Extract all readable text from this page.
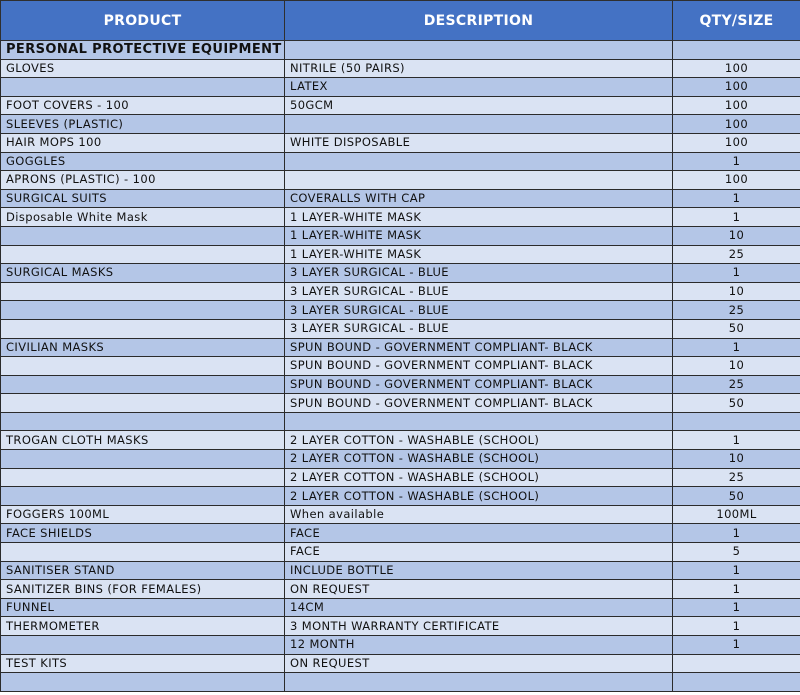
PRODUCT	DESCRIPTION	QTY/SIZE
PERSONAL PROTECTIVE EQUIPMENT		
GLOVES	NITRILE (50 PAIRS)	100
	LATEX	100
FOOT COVERS - 100	50GCM	100
SLEEVES (PLASTIC)		100
HAIR MOPS 100	WHITE DISPOSABLE	100
GOGGLES		1
APRONS (PLASTIC) - 100		100
SURGICAL SUITS	COVERALLS WITH CAP	1
Disposable White Mask	1 LAYER-WHITE MASK	1
	1 LAYER-WHITE MASK	10
	1 LAYER-WHITE MASK	25
SURGICAL MASKS	3 LAYER SURGICAL - BLUE	1
	3 LAYER SURGICAL - BLUE	10
	3 LAYER SURGICAL - BLUE	25
	3 LAYER SURGICAL - BLUE	50
CIVILIAN MASKS	SPUN BOUND - GOVERNMENT COMPLIANT- BLACK	1
	SPUN BOUND - GOVERNMENT COMPLIANT- BLACK	10
	SPUN BOUND - GOVERNMENT COMPLIANT- BLACK	25
	SPUN BOUND - GOVERNMENT COMPLIANT- BLACK	50

TROGAN CLOTH MASKS	2 LAYER COTTON - WASHABLE (SCHOOL)	1
	2 LAYER COTTON - WASHABLE (SCHOOL)	10
	2 LAYER COTTON - WASHABLE (SCHOOL)	25
	2 LAYER COTTON - WASHABLE (SCHOOL)	50
FOGGERS 100ML	When available	100ML
FACE SHIELDS	FACE	1
	FACE	5
SANITISER STAND	INCLUDE BOTTLE	1
SANITIZER BINS (FOR FEMALES)	ON REQUEST	1
FUNNEL	14CM	1
THERMOMETER	3 MONTH WARRANTY CERTIFICATE	1
	12 MONTH	1
TEST KITS	ON REQUEST	
